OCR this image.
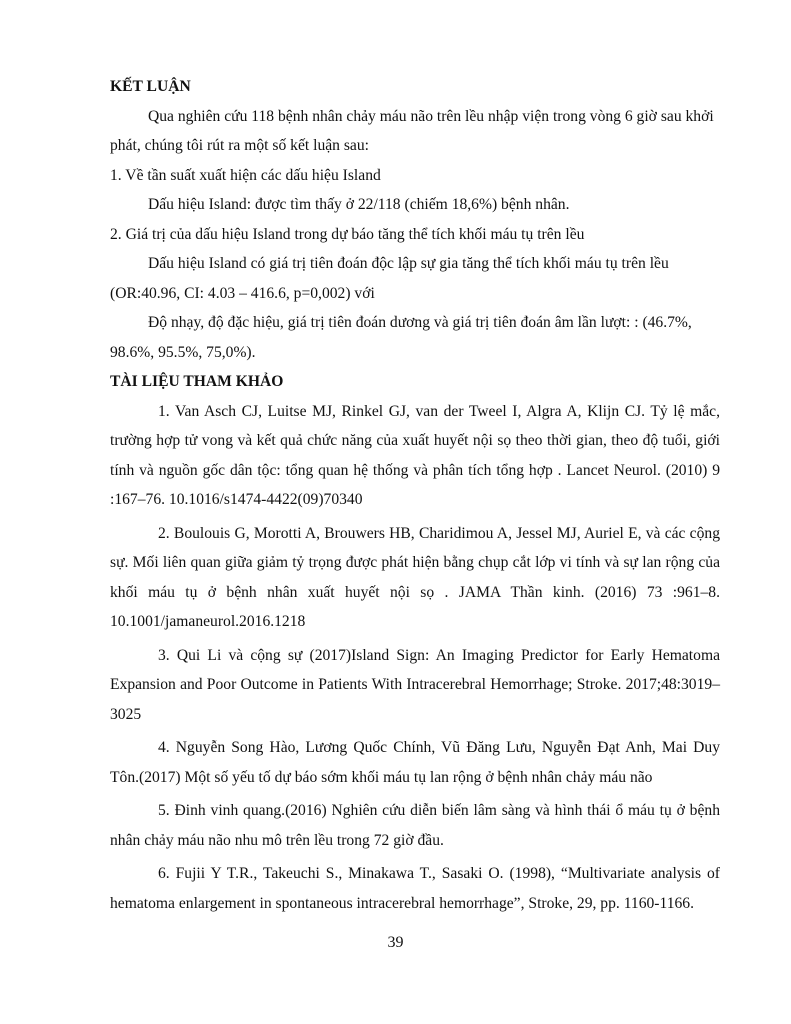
KẾT LUẬN

Qua nghiên cứu 118 bệnh nhân chảy máu não trên lều nhập viện trong vòng 6 giờ sau khởi phát, chúng tôi rút ra một số kết luận sau:

1. Về tần suất xuất hiện các dấu hiệu Island

Dấu hiệu Island: được tìm thấy ở 22/118 (chiếm 18,6%) bệnh nhân.

2. Giá trị của dấu hiệu Island trong dự báo tăng thể tích khối máu tụ trên lều

Dấu hiệu Island có giá trị tiên đoán độc lập sự gia tăng thể tích khối máu tụ trên lều (OR:40.96, CI: 4.03 – 416.6, p=0,002) với

Độ nhạy, độ đặc hiệu, giá trị tiên đoán dương và giá trị tiên đoán âm lần lượt: : (46.7%, 98.6%, 95.5%, 75,0%).

TÀI LIỆU THAM KHẢO

1. Van Asch CJ, Luitse MJ, Rinkel GJ, van der Tweel I, Algra A, Klijn CJ. Tỷ lệ mắc, trường hợp tử vong và kết quả chức năng của xuất huyết nội sọ theo thời gian, theo độ tuổi, giới tính và nguồn gốc dân tộc: tổng quan hệ thống và phân tích tổng hợp . Lancet Neurol. (2010) 9 :167–76. 10.1016/s1474-4422(09)70340

2. Boulouis G, Morotti A, Brouwers HB, Charidimou A, Jessel MJ, Auriel E, và các cộng sự. Mối liên quan giữa giảm tỷ trọng được phát hiện bằng chụp cắt lớp vi tính và sự lan rộng của khối máu tụ ở bệnh nhân xuất huyết nội sọ . JAMA Thần kinh. (2016) 73 :961–8. 10.1001/jamaneurol.2016.1218

3. Qui Li và cộng sự (2017)Island Sign: An Imaging Predictor for Early Hematoma Expansion and Poor Outcome in Patients With Intracerebral Hemorrhage; Stroke. 2017;48:3019–3025

4. Nguyễn Song Hào, Lương Quốc Chính, Vũ Đăng Lưu, Nguyễn Đạt Anh, Mai Duy Tôn.(2017) Một số yếu tố dự báo sớm khối máu tụ lan rộng ở bệnh nhân chảy máu não

5. Đinh vinh quang.(2016) Nghiên cứu diễn biến lâm sàng và hình thái ổ máu tụ ở bệnh nhân chảy máu não nhu mô trên lều trong 72 giờ đầu.

6. Fujii Y T.R., Takeuchi S., Minakawa T., Sasaki O. (1998), “Multivariate analysis of hematoma enlargement in spontaneous intracerebral hemorrhage”, Stroke, 29, pp. 1160-1166.

39
